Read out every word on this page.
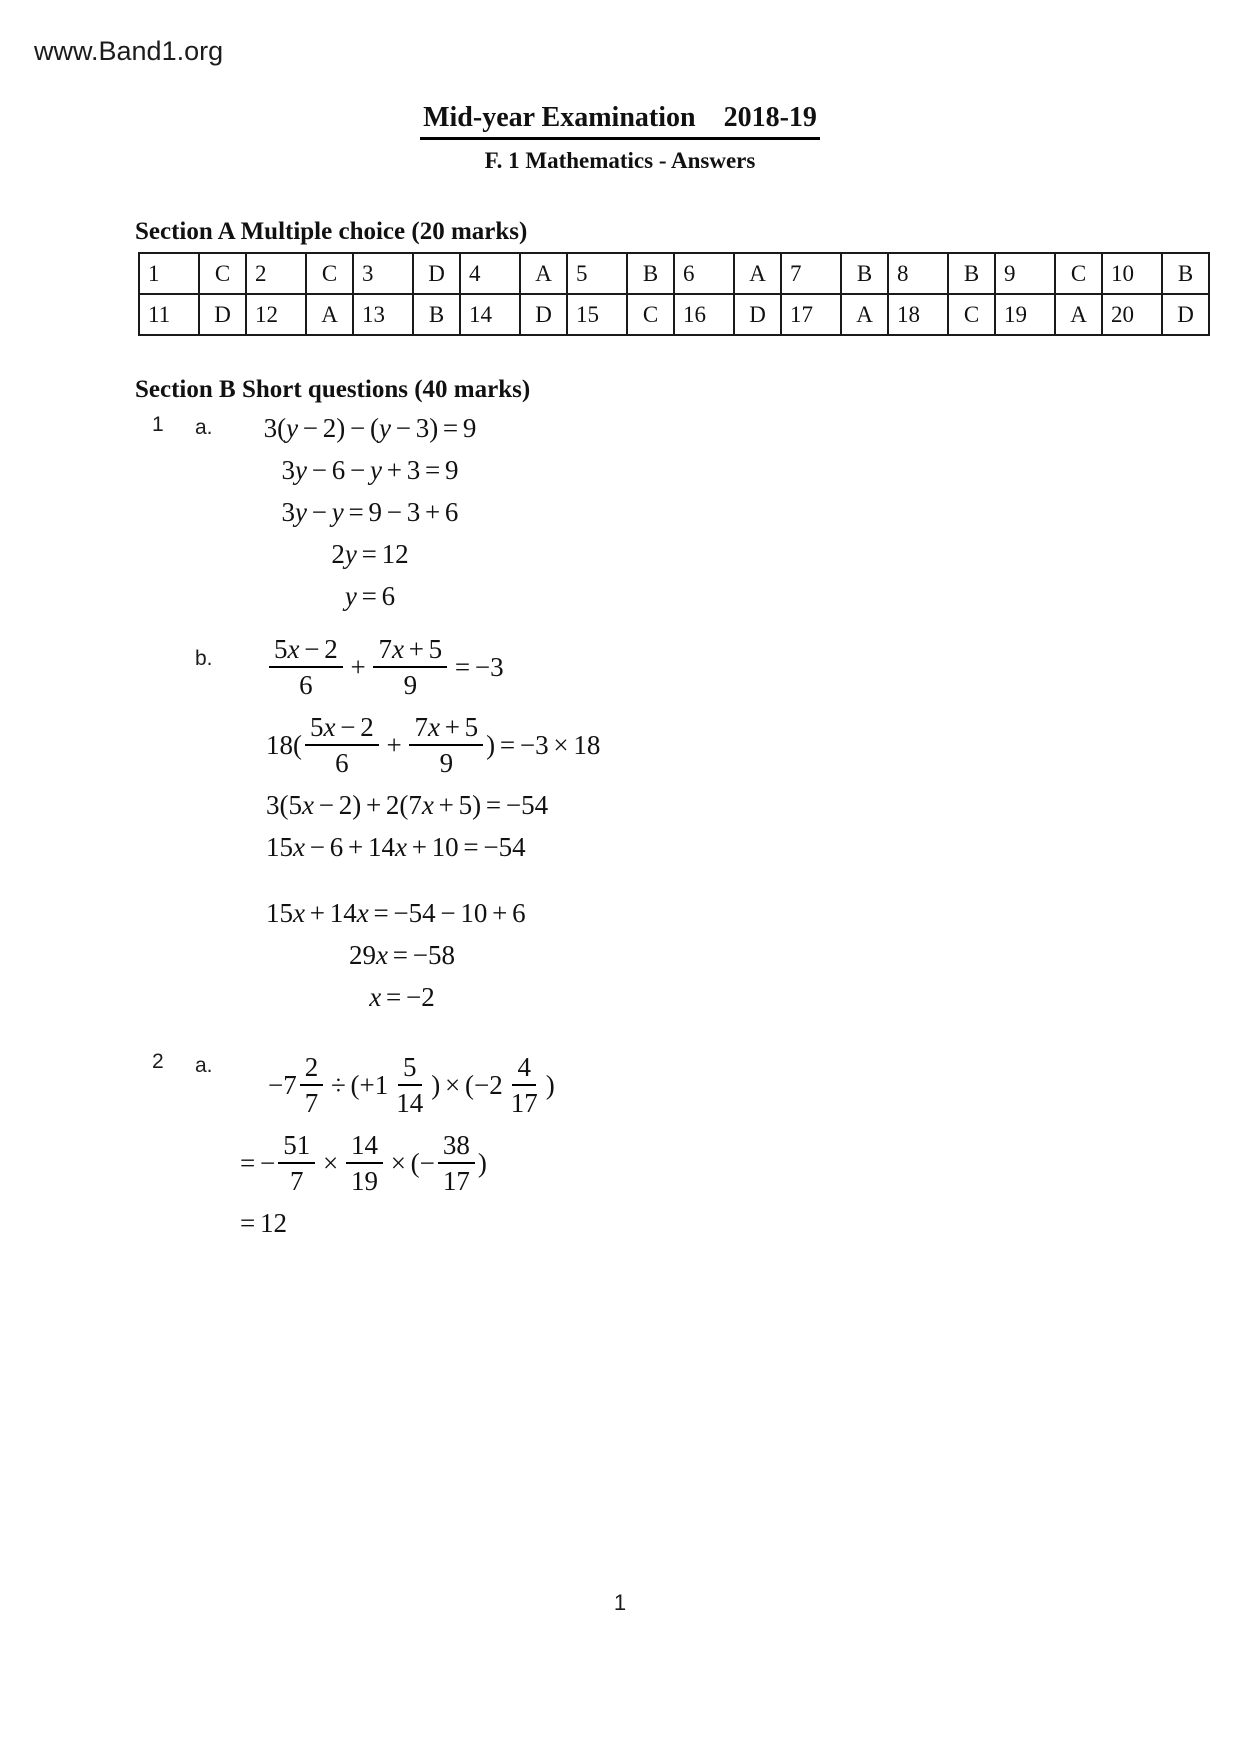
www.Band1.org
Mid-year Examination    2018-19
F. 1 Mathematics - Answers
Section A Multiple choice (20 marks)
1	C	2	C	3	D	4	A	5	B	6	A	7	B	8	B	9	C	10	B
11	D	12	A	13	B	14	D	15	C	16	D	17	A	18	C	19	A	20	D
Section B Short questions (40 marks)
1 a. 3(y − 2) − (y − 3) = 9
3y − 6 − y + 3 = 9
3y − y = 9 − 3 + 6
2y = 12
y = 6
b. $\frac{5x - 2}{6} + \frac{7x + 5}{9} = -3$
$18( \frac{5x - 2}{6} + \frac{7x + 5}{9}$ ) = −3 × 18
3(5x − 2) + 2(7x + 5) = −54
15x − 6 + 14x + 10 = −54
15x + 14x = −54 − 10 + 6
29x = −58
x = −2
2 a.
$-7 \frac{2}{7} \div (+1 \frac{5}{14}$ ) × ($-2 \frac{4}{17}$ )
= − $\frac{51}{7} \times \frac{14}{19}$ × (− $\frac{38}{17}$ )
= 12
1
